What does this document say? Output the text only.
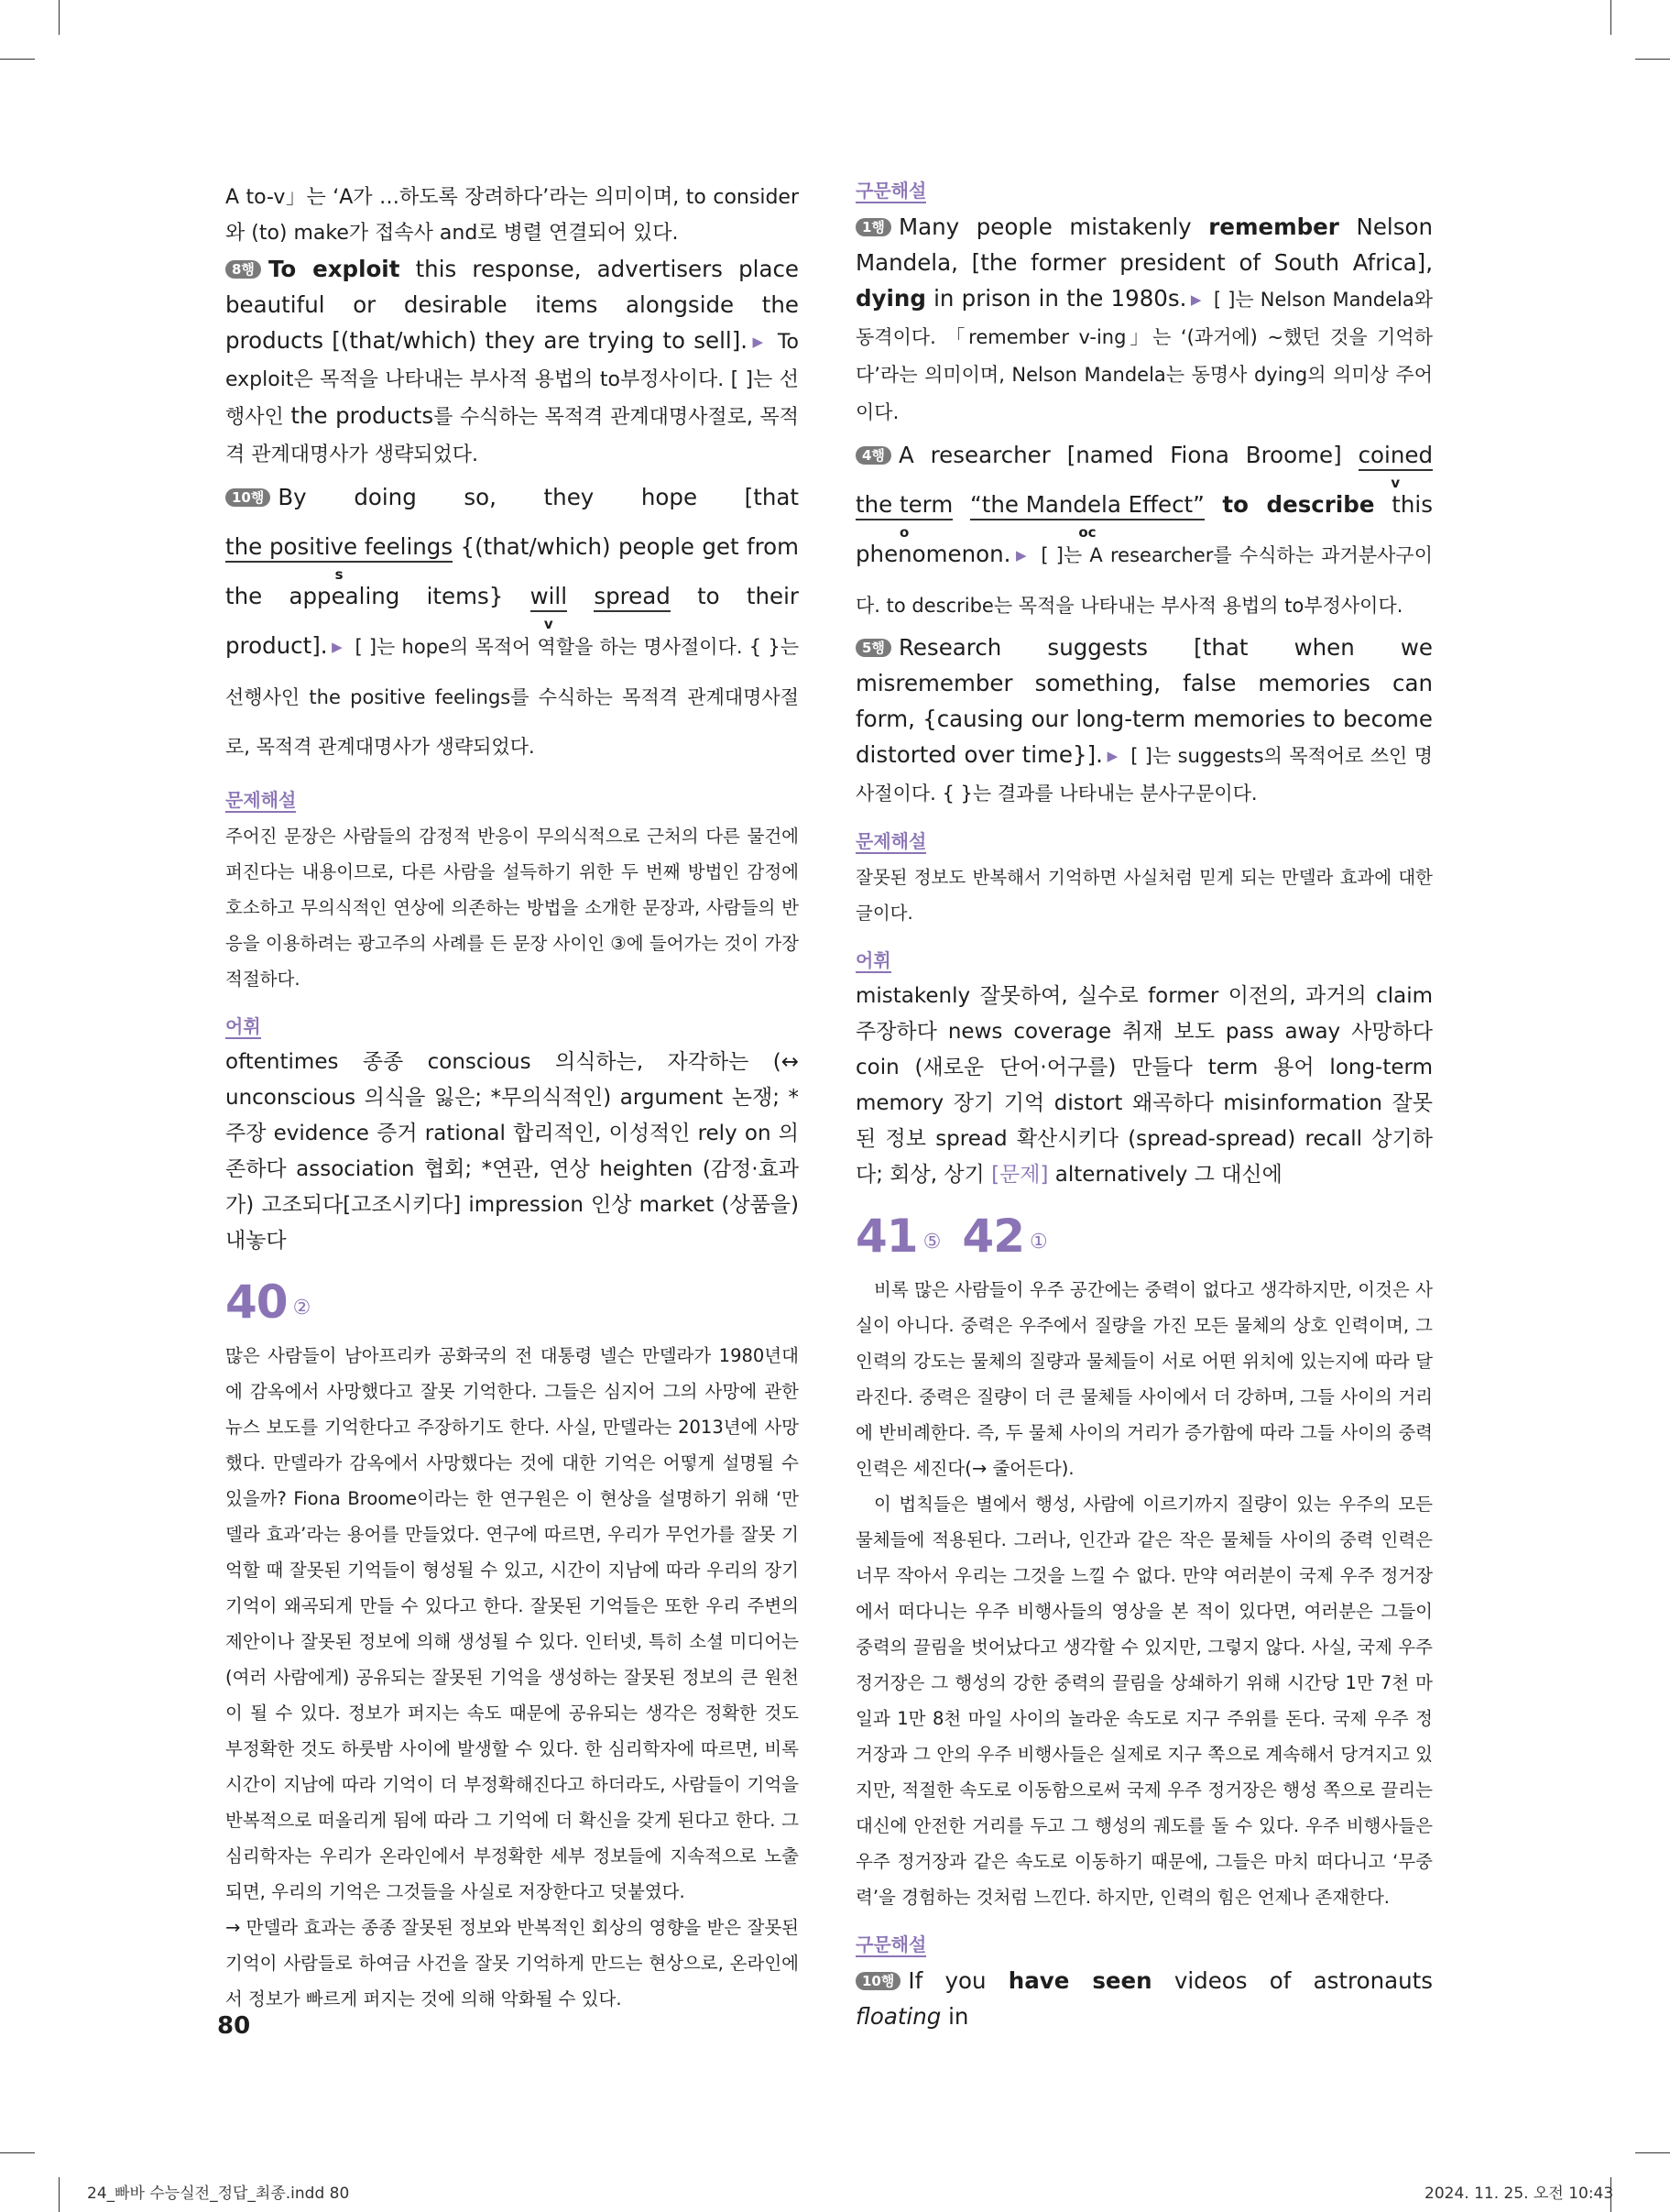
A to-v」는 ‘A가 …하도록 장려하다’라는 의미이며, to consider와 (to) make가 접속사 and로 병렬 연결되어 있다.

8행 To exploit this response, advertisers place beautiful or desirable items alongside the products [(that/which) they are trying to sell]. ▶ To exploit은 목적을 나타내는 부사적 용법의 to부정사이다. [ ]는 선행사인 the products를 수식하는 목적격 관계대명사절로, 목적격 관계대명사가 생략되었다.

10행 By doing so, they hope [that the positive feelings
s
{(that/which) people get from the appealing items} will
v
spread to their product]. ▶ [ ]는 hope의 목적어 역할을 하는 명사절이다. { }는 선행사인 the positive feelings를 수식하는 목적격 관계대명사절로, 목적격 관계대명사가 생략되었다.

문제해설

주어진 문장은 사람들의 감정적 반응이 무의식적으로 근처의 다른 물건에 퍼진다는 내용이므로, 다른 사람을 설득하기 위한 두 번째 방법인 감정에 호소하고 무의식적인 연상에 의존하는 방법을 소개한 문장과, 사람들의 반응을 이용하려는 광고주의 사례를 든 문장 사이인 ③에 들어가는 것이 가장 적절하다.

어휘

oftentimes 종종 conscious 의식하는, 자각하는 (↔ unconscious 의식을 잃은; *무의식적인) argument 논쟁; *주장 evidence 증거 rational 합리적인, 이성적인 rely on 의존하다 association 협회; *연관, 연상 heighten (감정·효과가) 고조되다[고조시키다] impression 인상 market (상품을) 내놓다

40 ②

많은 사람들이 남아프리카 공화국의 전 대통령 넬슨 만델라가 1980년대에 감옥에서 사망했다고 잘못 기억한다. 그들은 심지어 그의 사망에 관한 뉴스 보도를 기억한다고 주장하기도 한다. 사실, 만델라는 2013년에 사망했다. 만델라가 감옥에서 사망했다는 것에 대한 기억은 어떻게 설명될 수 있을까? Fiona Broome이라는 한 연구원은 이 현상을 설명하기 위해 ‘만델라 효과’라는 용어를 만들었다. 연구에 따르면, 우리가 무언가를 잘못 기억할 때 잘못된 기억들이 형성될 수 있고, 시간이 지남에 따라 우리의 장기 기억이 왜곡되게 만들 수 있다고 한다. 잘못된 기억들은 또한 우리 주변의 제안이나 잘못된 정보에 의해 생성될 수 있다. 인터넷, 특히 소셜 미디어는 (여러 사람에게) 공유되는 잘못된 기억을 생성하는 잘못된 정보의 큰 원천이 될 수 있다. 정보가 퍼지는 속도 때문에 공유되는 생각은 정확한 것도 부정확한 것도 하룻밤 사이에 발생할 수 있다. 한 심리학자에 따르면, 비록 시간이 지남에 따라 기억이 더 부정확해진다고 하더라도, 사람들이 기억을 반복적으로 떠올리게 됨에 따라 그 기억에 더 확신을 갖게 된다고 한다. 그 심리학자는 우리가 온라인에서 부정확한 세부 정보들에 지속적으로 노출되면, 우리의 기억은 그것들을 사실로 저장한다고 덧붙였다.

→ 만델라 효과는 종종 잘못된 정보와 반복적인 회상의 영향을 받은 잘못된 기억이 사람들로 하여금 사건을 잘못 기억하게 만드는 현상으로, 온라인에서 정보가 빠르게 퍼지는 것에 의해 악화될 수 있다.

구문해설

1행 Many people mistakenly remember Nelson Mandela, [the former president of South Africa], dying in prison in the 1980s. ▶ [ ]는 Nelson Mandela와 동격이다. 「remember v-ing」는 ‘(과거에) ~했던 것을 기억하다’라는 의미이며, Nelson Mandela는 동명사 dying의 의미상 주어이다.

4행 A researcher [named Fiona Broome] coined
v
the term
o
“the Mandela Effect”
oc
to describe this phenomenon. ▶ [ ]는 A researcher를 수식하는 과거분사구이다. to describe는 목적을 나타내는 부사적 용법의 to부정사이다.

5행 Research suggests [that when we misremember something, false memories can form, {causing our long-term memories to become distorted over time}]. ▶ [ ]는 suggests의 목적어로 쓰인 명사절이다. { }는 결과를 나타내는 분사구문이다.

문제해설

잘못된 정보도 반복해서 기억하면 사실처럼 믿게 되는 만델라 효과에 대한 글이다.

어휘

mistakenly 잘못하여, 실수로 former 이전의, 과거의 claim 주장하다 news coverage 취재 보도 pass away 사망하다 coin (새로운 단어·어구를) 만들다 term 용어 long-term memory 장기 기억 distort 왜곡하다 misinformation 잘못된 정보 spread 확산시키다 (spread-spread) recall 상기하다; 회상, 상기 [문제] alternatively 그 대신에

41 ⑤ 42 ①

비록 많은 사람들이 우주 공간에는 중력이 없다고 생각하지만, 이것은 사실이 아니다. 중력은 우주에서 질량을 가진 모든 물체의 상호 인력이며, 그 인력의 강도는 물체의 질량과 물체들이 서로 어떤 위치에 있는지에 따라 달라진다. 중력은 질량이 더 큰 물체들 사이에서 더 강하며, 그들 사이의 거리에 반비례한다. 즉, 두 물체 사이의 거리가 증가함에 따라 그들 사이의 중력 인력은 세진다(→ 줄어든다).

이 법칙들은 별에서 행성, 사람에 이르기까지 질량이 있는 우주의 모든 물체들에 적용된다. 그러나, 인간과 같은 작은 물체들 사이의 중력 인력은 너무 작아서 우리는 그것을 느낄 수 없다. 만약 여러분이 국제 우주 정거장에서 떠다니는 우주 비행사들의 영상을 본 적이 있다면, 여러분은 그들이 중력의 끌림을 벗어났다고 생각할 수 있지만, 그렇지 않다. 사실, 국제 우주 정거장은 그 행성의 강한 중력의 끌림을 상쇄하기 위해 시간당 1만 7천 마일과 1만 8천 마일 사이의 놀라운 속도로 지구 주위를 돈다. 국제 우주 정거장과 그 안의 우주 비행사들은 실제로 지구 쪽으로 계속해서 당겨지고 있지만, 적절한 속도로 이동함으로써 국제 우주 정거장은 행성 쪽으로 끌리는 대신에 안전한 거리를 두고 그 행성의 궤도를 돌 수 있다. 우주 비행사들은 우주 정거장과 같은 속도로 이동하기 때문에, 그들은 마치 떠다니고 ‘무중력’을 경험하는 것처럼 느낀다. 하지만, 인력의 힘은 언제나 존재한다.

구문해설

10행 If you have seen videos of astronauts floating in

80
24_빠바 수능실전_정답_최종.indd 80	2024. 11. 25. 오전 10:43
